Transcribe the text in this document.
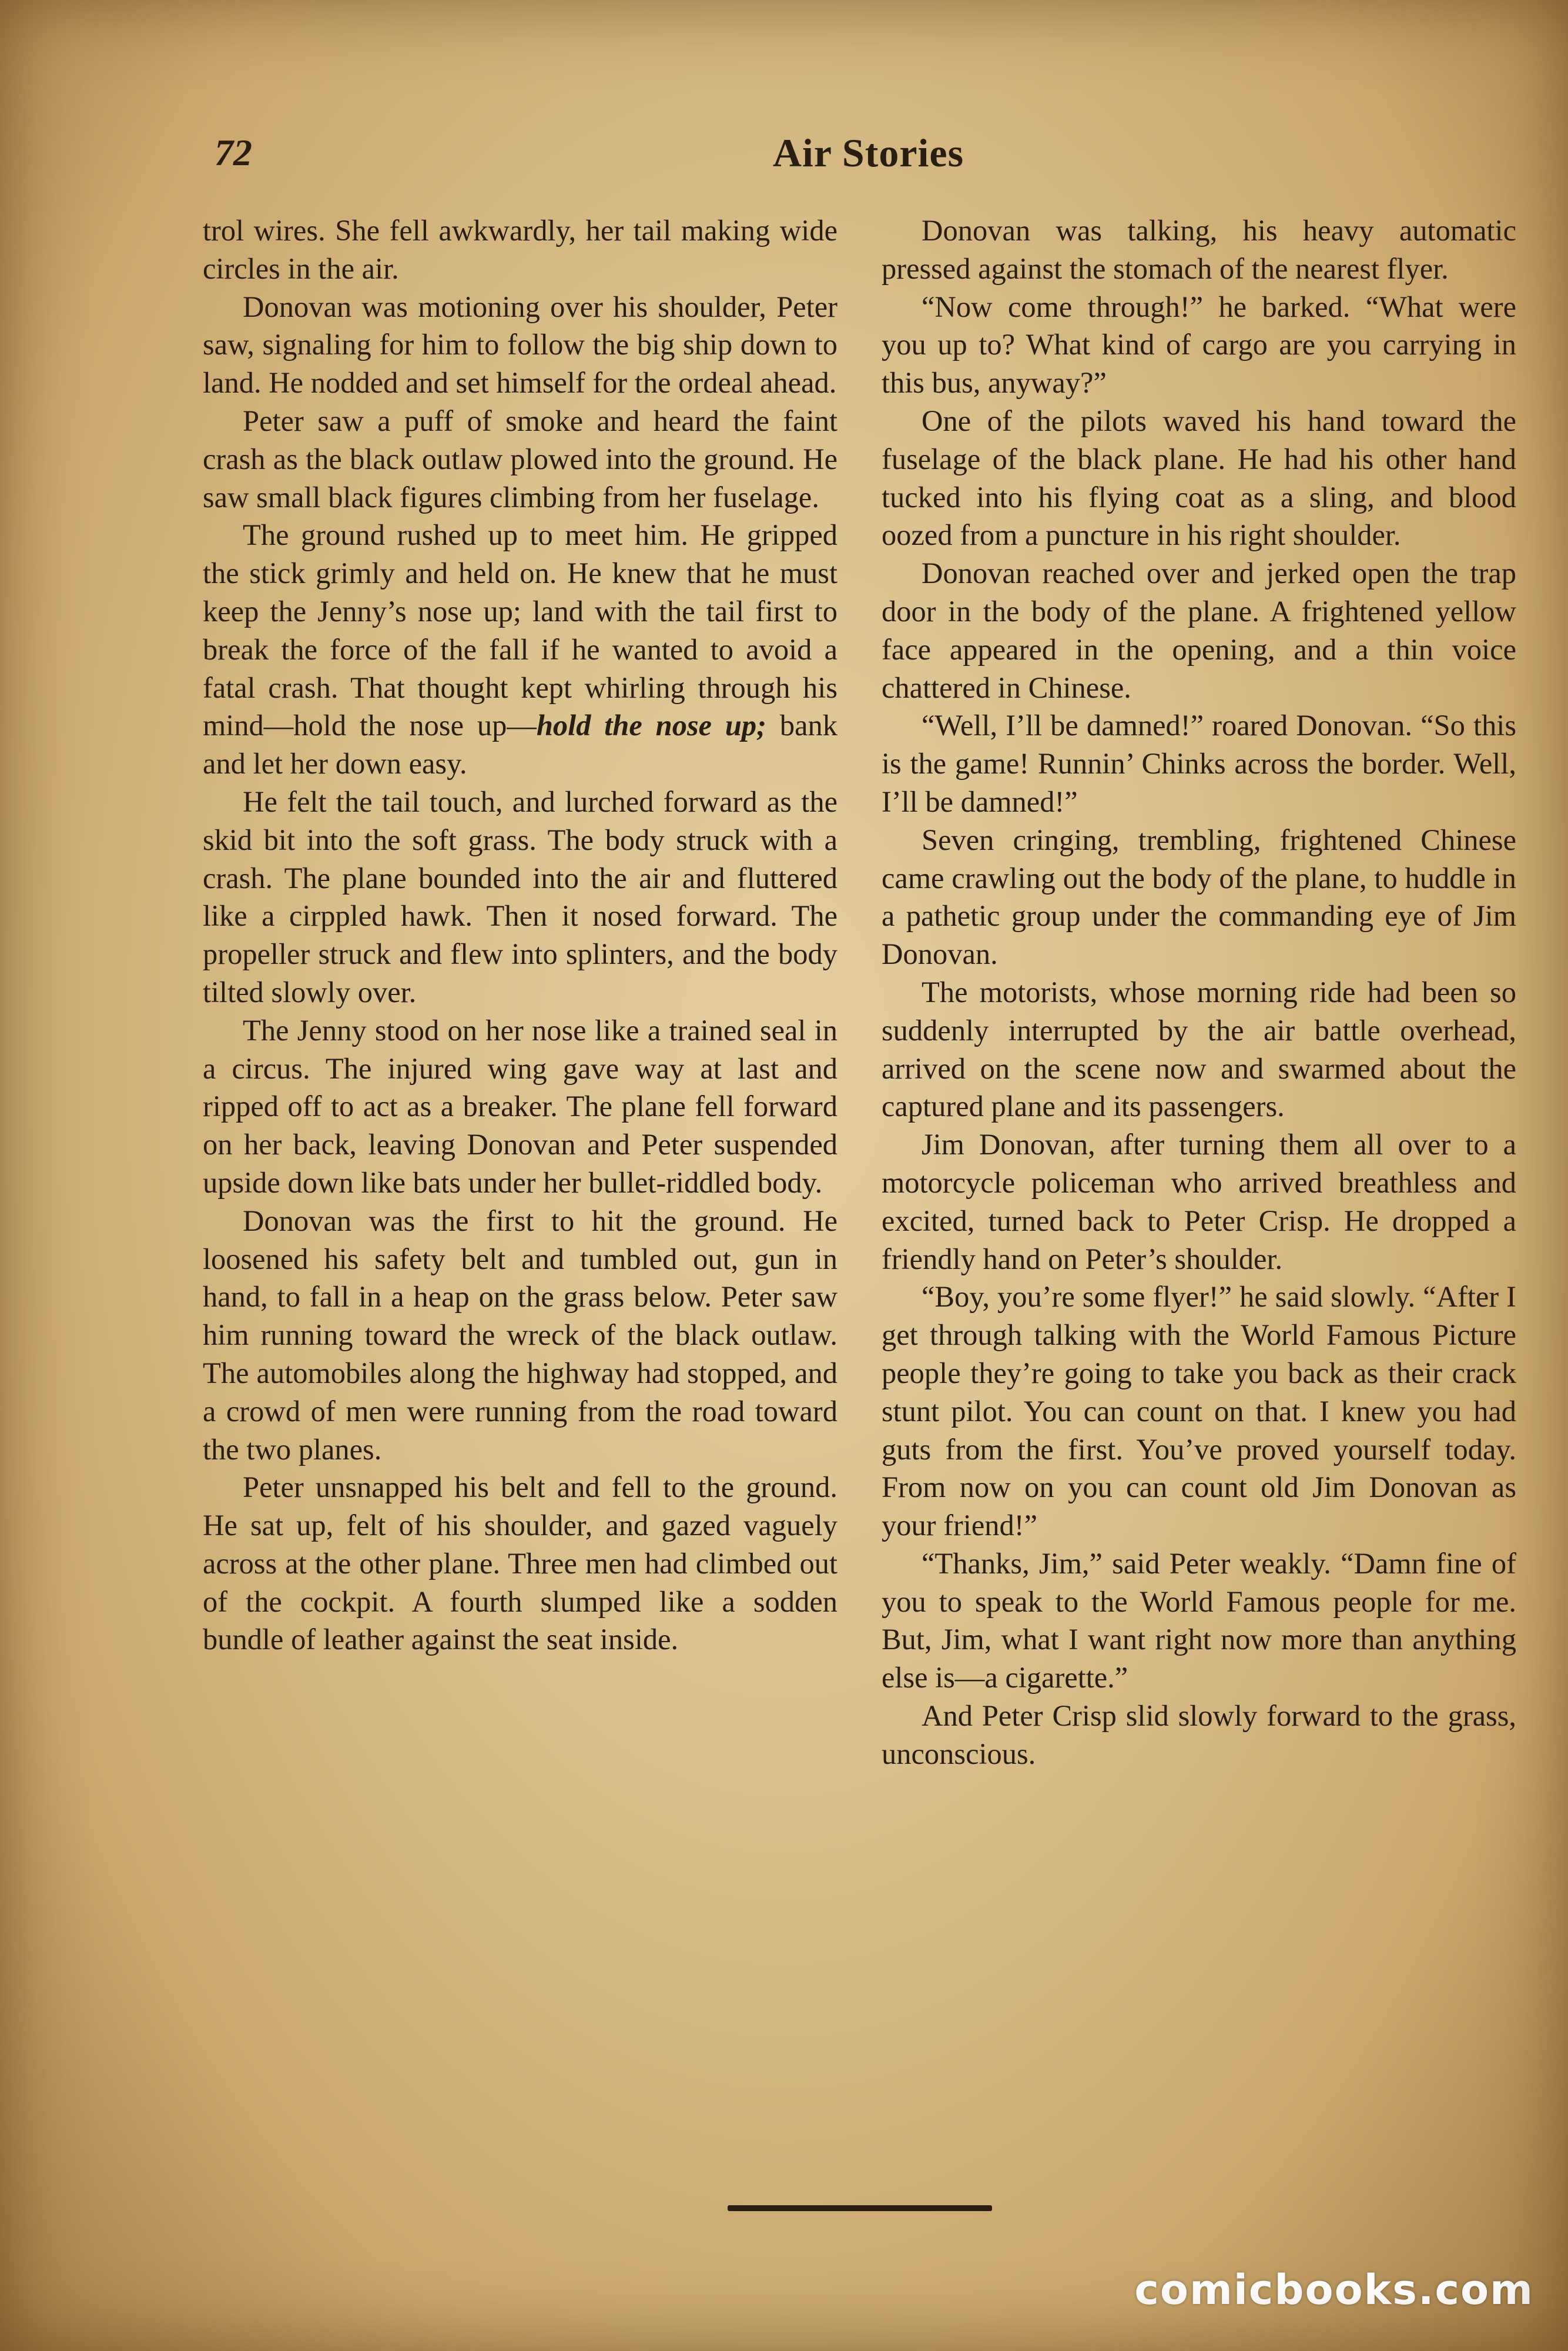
72	Air Stories

trol wires. She fell awkwardly, her tail making wide circles in the air.

Donovan was motioning over his shoulder, Peter saw, signaling for him to follow the big ship down to land. He nodded and set himself for the ordeal ahead.

Peter saw a puff of smoke and heard the faint crash as the black outlaw plowed into the ground. He saw small black figures climbing from her fuselage.

The ground rushed up to meet him. He gripped the stick grimly and held on. He knew that he must keep the Jenny’s nose up; land with the tail first to break the force of the fall if he wanted to avoid a fatal crash. That thought kept whirling through his mind—hold the nose up—hold the nose up; bank and let her down easy.

He felt the tail touch, and lurched forward as the skid bit into the soft grass. The body struck with a crash. The plane bounded into the air and fluttered like a cirppled hawk. Then it nosed forward. The propeller struck and flew into splinters, and the body tilted slowly over.

The Jenny stood on her nose like a trained seal in a circus. The injured wing gave way at last and ripped off to act as a breaker. The plane fell forward on her back, leaving Donovan and Peter suspended upside down like bats under her bullet-riddled body.

Donovan was the first to hit the ground. He loosened his safety belt and tumbled out, gun in hand, to fall in a heap on the grass below. Peter saw him running toward the wreck of the black outlaw. The automobiles along the highway had stopped, and a crowd of men were running from the road toward the two planes.

Peter unsnapped his belt and fell to the ground. He sat up, felt of his shoulder, and gazed vaguely across at the other plane. Three men had climbed out of the cockpit. A fourth slumped like a sodden bundle of leather against the seat inside.

Donovan was talking, his heavy automatic pressed against the stomach of the nearest flyer.

“Now come through!” he barked. “What were you up to? What kind of cargo are you carrying in this bus, anyway?”

One of the pilots waved his hand toward the fuselage of the black plane. He had his other hand tucked into his flying coat as a sling, and blood oozed from a puncture in his right shoulder.

Donovan reached over and jerked open the trap door in the body of the plane. A frightened yellow face appeared in the opening, and a thin voice chattered in Chinese.

“Well, I’ll be damned!” roared Donovan. “So this is the game! Runnin’ Chinks across the border. Well, I’ll be damned!”

Seven cringing, trembling, frightened Chinese came crawling out the body of the plane, to huddle in a pathetic group under the commanding eye of Jim Donovan.

The motorists, whose morning ride had been so suddenly interrupted by the air battle overhead, arrived on the scene now and swarmed about the captured plane and its passengers.

Jim Donovan, after turning them all over to a motorcycle policeman who arrived breathless and excited, turned back to Peter Crisp. He dropped a friendly hand on Peter’s shoulder.

“Boy, you’re some flyer!” he said slowly. “After I get through talking with the World Famous Picture people they’re going to take you back as their crack stunt pilot. You can count on that. I knew you had guts from the first. You’ve proved yourself today. From now on you can count old Jim Donovan as your friend!”

“Thanks, Jim,” said Peter weakly. “Damn fine of you to speak to the World Famous people for me. But, Jim, what I want right now more than anything else is—a cigarette.”

And Peter Crisp slid slowly forward to the grass, unconscious.

comicbooks.com
